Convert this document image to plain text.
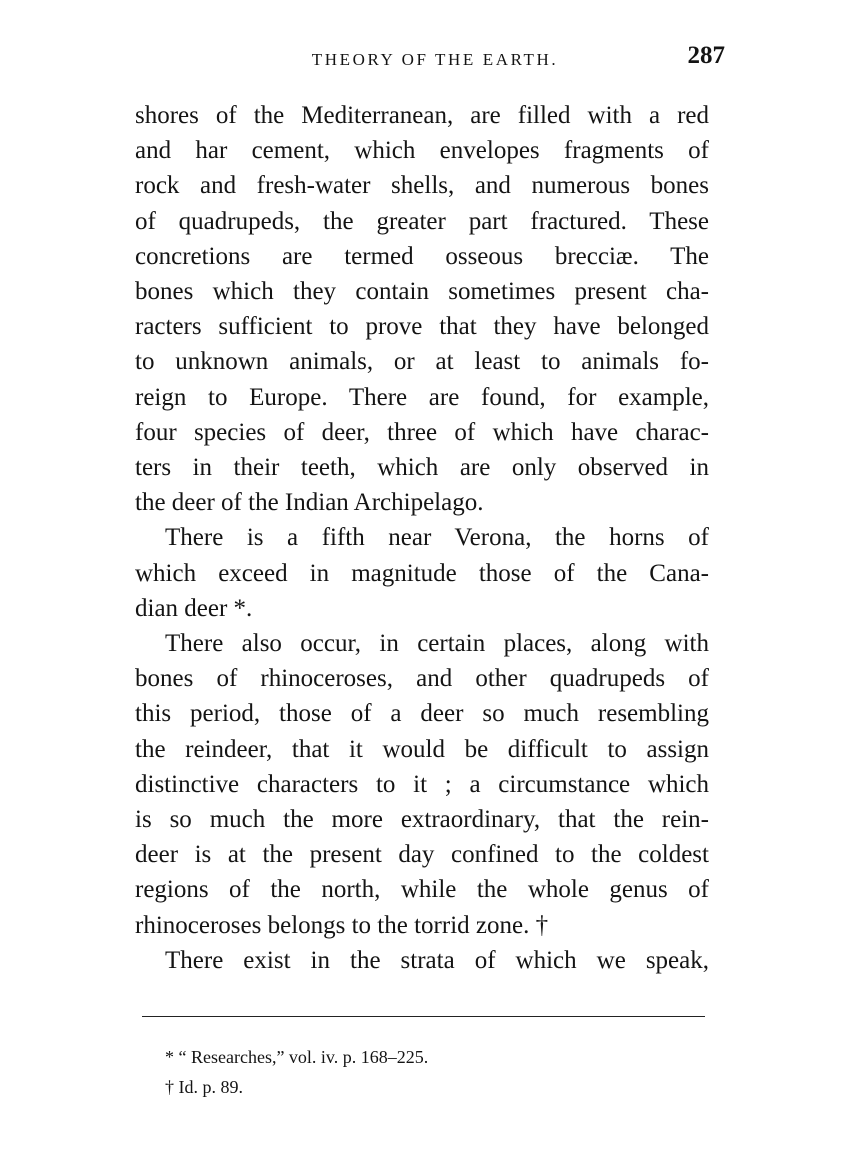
THEORY OF THE EARTH.	287

shores of the Mediterranean, are filled with a red
and har cement, which envelopes fragments of
rock and fresh-water shells, and numerous bones
of quadrupeds, the greater part fractured. These
concretions are termed osseous brecciæ. The
bones which they contain sometimes present cha-
racters sufficient to prove that they have belonged
to unknown animals, or at least to animals fo-
reign to Europe. There are found, for example,
four species of deer, three of which have charac-
ters in their teeth, which are only observed in
the deer of the Indian Archipelago.

There is a fifth near Verona, the horns of
which exceed in magnitude those of the Cana-
dian deer *.

There also occur, in certain places, along with
bones of rhinoceroses, and other quadrupeds of
this period, those of a deer so much resembling
the reindeer, that it would be difficult to assign
distinctive characters to it ; a circumstance which
is so much the more extraordinary, that the rein-
deer is at the present day confined to the coldest
regions of the north, while the whole genus of
rhinoceroses belongs to the torrid zone. †

There exist in the strata of which we speak,

* “ Researches,” vol. iv. p. 168–225.

† Id. p. 89.
